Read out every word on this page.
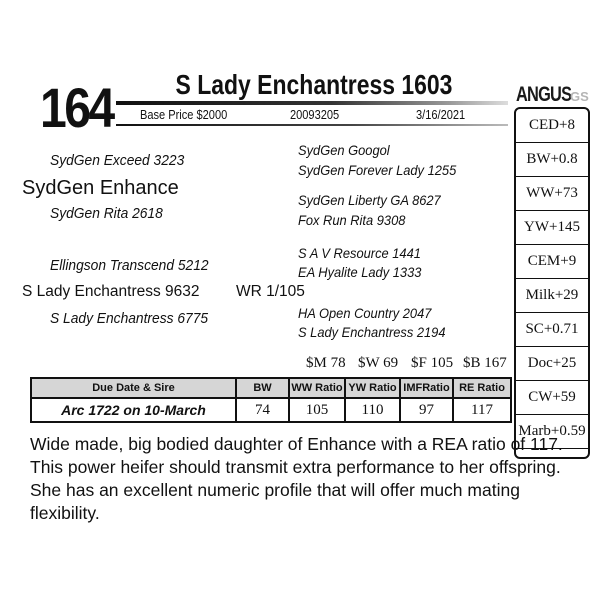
164	S Lady Enchantress 1603
Base Price $2000	20093205	3/16/2021
ANGUS
GS
CED+8
BW+0.8
WW+73
YW+145
CEM+9
Milk+29
SC+0.71
Doc+25
CW+59
Marb+0.59
SydGen Exceed 3223
SydGen Enhance
SydGen Rita 2618
SydGen Googol
SydGen Forever Lady 1255
SydGen Liberty GA 8627
Fox Run Rita 9308
Ellingson Transcend 5212
S Lady Enchantress 9632 WR 1/105
S Lady Enchantress 6775
S A V Resource 1441
EA Hyalite Lady 1333
HA Open Country 2047
S Lady Enchantress 2194
$M 78 $W 69 $F 105 $B 167
Due Date & Sire	BW	WW Ratio	YW Ratio	IMFRatio	RE Ratio
Arc 1722 on 10-March	74	105	110	97	117
Wide made, big bodied daughter of Enhance with a REA ratio of 117. This power heifer should transmit extra performance to her offspring. She has an excellent numeric profile that will offer much mating flexibility.
